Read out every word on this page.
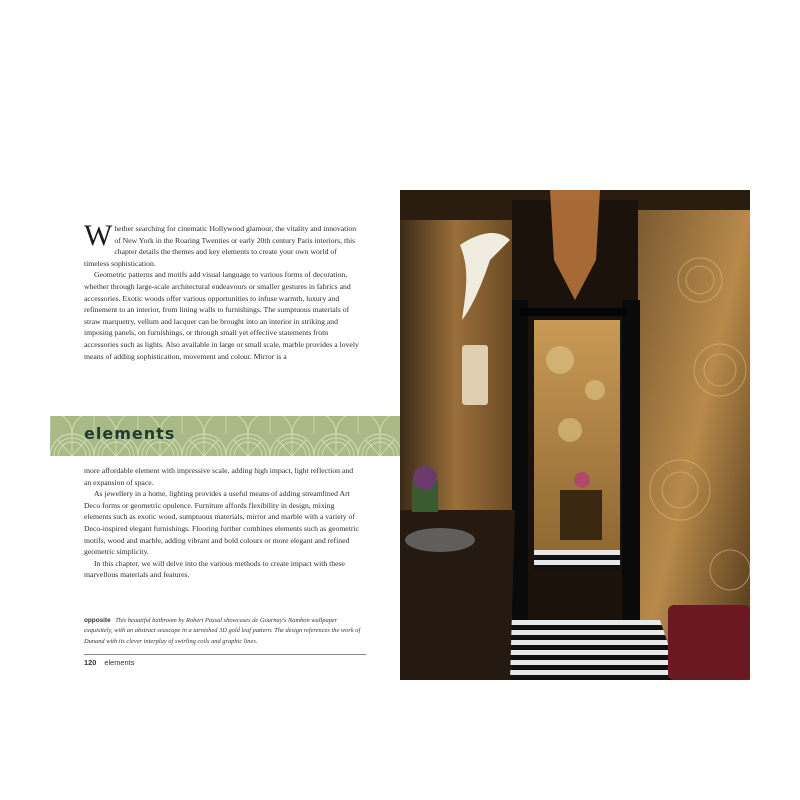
Whether searching for cinematic Hollywood glamour, the vitality and innovation of New York in the Roaring Twenties or early 20th century Paris interiors, this chapter details the themes and key elements to create your own world of timeless sophistication.

Geometric patterns and motifs add visual language to various forms of decoration, whether through large-scale architectural endeavours or smaller gestures in fabrics and accessories. Exotic woods offer various opportunities to infuse warmth, luxury and refinement to an interior, from lining walls to furnishings. The sumptuous materials of straw marquetry, vellum and lacquer can be brought into an interior in striking and imposing panels, on furnishings, or through small yet effective statements from accessories such as lights. Also available in large or small scale, marble provides a lovely means of adding sophistication, movement and colour. Mirror is a

elements

more affordable element with impressive scale, adding high impact, light reflection and an expansion of space.

As jewellery in a home, lighting provides a useful means of adding streamlined Art Deco forms or geometric opulence. Furniture affords flexibility in design, mixing elements such as exotic wood, sumptuous materials, mirror and marble with a variety of Deco-inspired elegant furnishings. Flooring further combines elements such as geometric motifs, wood and marble, adding vibrant and bold colours or more elegant and refined geometric simplicity.

In this chapter, we will delve into the various methods to create impact with these marvellous materials and features.

opposite This beautiful bathroom by Robert Passal showcases de Gournay's Nambon wallpaper exquisitely, with an abstract seascape in a tarnished 3D gold leaf pattern. The design references the work of Dunand with its clever interplay of swirling coils and graphic lines.
120 elements
